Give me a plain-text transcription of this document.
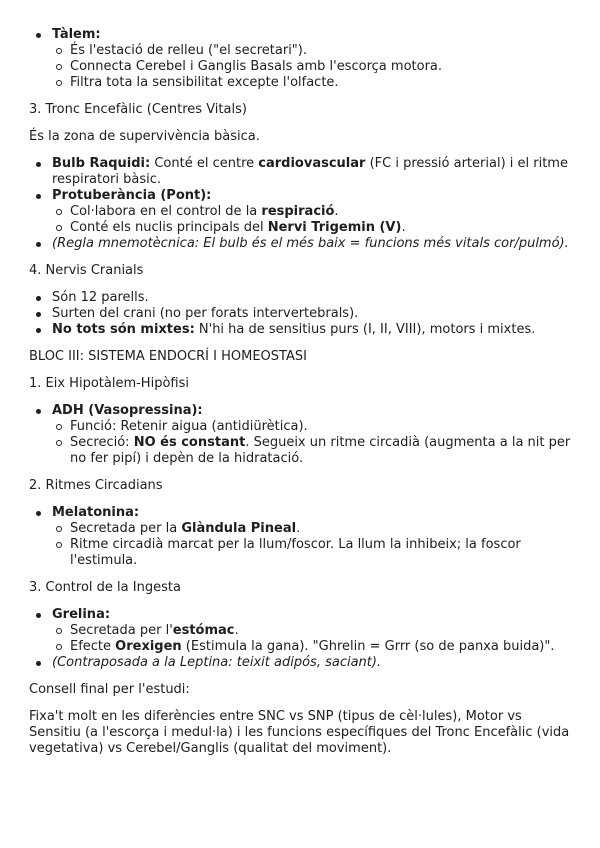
Tàlem:
És l'estació de relleu ("el secretari").
Connecta Cerebel i Ganglis Basals amb l'escorça motora.
Filtra tota la sensibilitat excepte l'olfacte.

3. Tronc Encefàlic (Centres Vitals)

És la zona de supervivència bàsica.

Bulb Raquidi: Conté el centre cardiovascular (FC i pressió arterial) i el ritme respiratori bàsic.
Protuberància (Pont):
Col·labora en el control de la respiració.
Conté els nuclis principals del Nervi Trigemin (V).
(Regla mnemotècnica: El bulb és el més baix = funcions més vitals cor/pulmó).

4. Nervis Cranials

Són 12 parells.
Surten del crani (no per forats intervertebrals).
No tots són mixtes: N'hi ha de sensitius purs (I, II, VIII), motors i mixtes.

BLOC III: SISTEMA ENDOCRÍ I HOMEOSTASI

1. Eix Hipotàlem-Hipòfisi

ADH (Vasopressina):
Funció: Retenir aigua (antidiürètica).
Secreció: NO és constant. Segueix un ritme circadià (augmenta a la nit per no fer pipí) i depèn de la hidratació.

2. Ritmes Circadians

Melatonina:
Secretada per la Glàndula Pineal.
Ritme circadià marcat per la llum/foscor. La llum la inhibeix; la foscor l'estimula.

3. Control de la Ingesta

Grelina:
Secretada per l'estómac.
Efecte Orexigen (Estimula la gana). "Ghrelin = Grrr (so de panxa buida)".
(Contraposada a la Leptina: teixit adipós, saciant).

Consell final per l'estudi:

Fixa't molt en les diferències entre SNC vs SNP (tipus de cèl·lules), Motor vs Sensitiu (a l'escorça i medul·la) i les funcions específiques del Tronc Encefàlic (vida vegetativa) vs Cerebel/Ganglis (qualitat del moviment).
